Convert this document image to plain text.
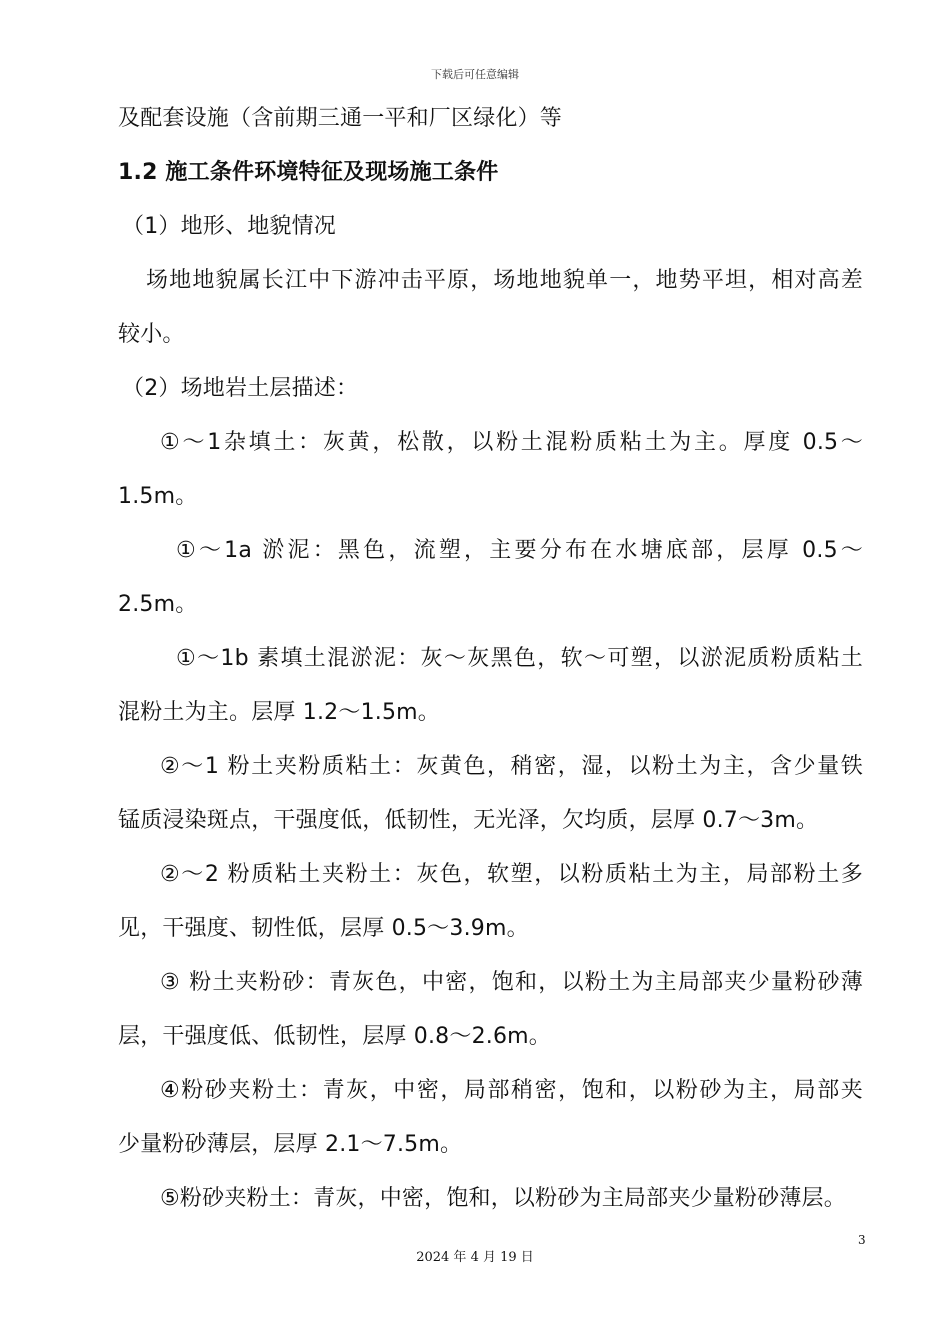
下载后可任意编辑
及配套设施（含前期三通一平和厂区绿化）等
1.2 施工条件环境特征及现场施工条件
（1）地形、地貌情况
场地地貌属长江中下游冲击平原，场地地貌单一，地势平坦，相对高差
较小。
（2）场地岩土层描述：
①～1杂填土：灰黄，松散，以粉土混粉质粘土为主。厚度 0.5～
1.5m。
①～1a 淤泥：黑色，流塑，主要分布在水塘底部，层厚 0.5～
2.5m。
①～1b 素填土混淤泥：灰～灰黑色，软～可塑，以淤泥质粉质粘土
混粉土为主。层厚 1.2～1.5m。
②～1 粉土夹粉质粘土：灰黄色，稍密，湿，以粉土为主，含少量铁
锰质浸染斑点，干强度低，低韧性，无光泽，欠均质，层厚 0.7～3m。
②～2 粉质粘土夹粉土：灰色，软塑，以粉质粘土为主，局部粉土多
见，干强度、韧性低，层厚 0.5～3.9m。
③ 粉土夹粉砂：青灰色，中密，饱和，以粉土为主局部夹少量粉砂薄
层，干强度低、低韧性，层厚 0.8～2.6m。
④粉砂夹粉土：青灰，中密，局部稍密，饱和，以粉砂为主，局部夹
少量粉砂薄层，层厚 2.1～7.5m。
⑤粉砂夹粉土：青灰，中密，饱和，以粉砂为主局部夹少量粉砂薄层。
3
2024 年 4 月 19 日
